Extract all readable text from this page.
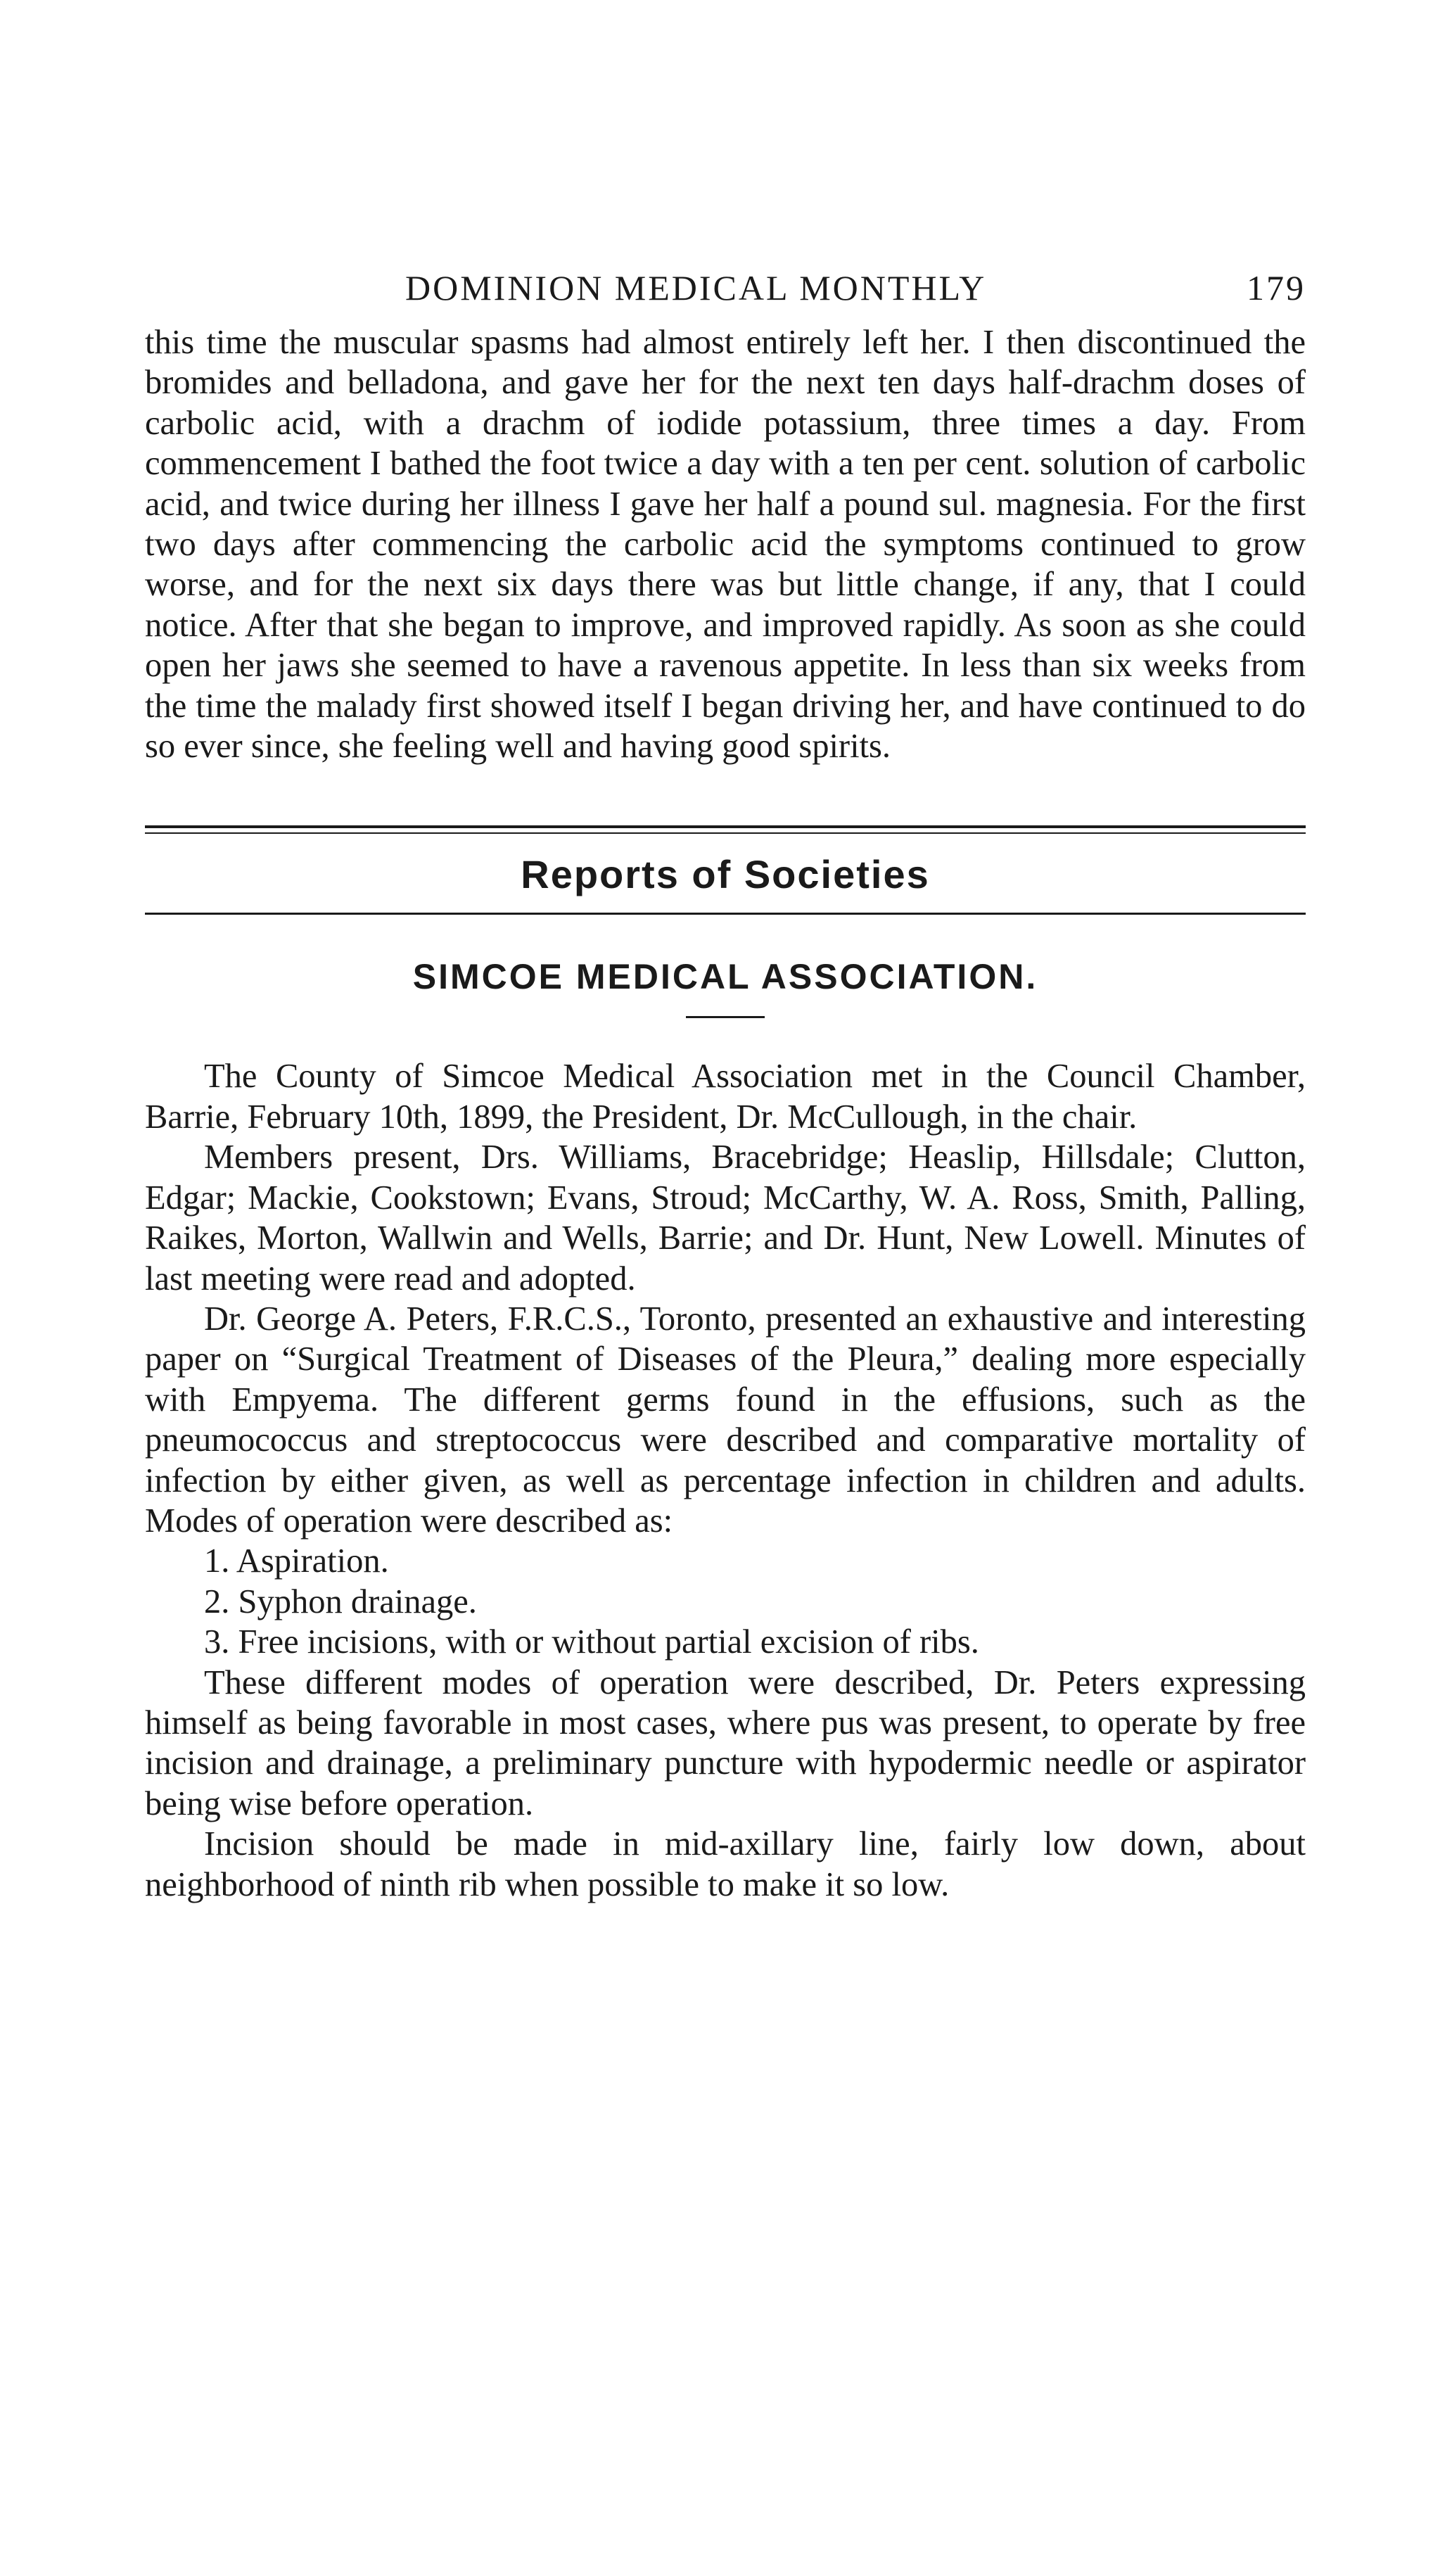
DOMINION MEDICAL MONTHLY	179

this time the muscular spasms had almost entirely left her. I then discontinued the bromides and belladona, and gave her for the next ten days half-drachm doses of carbolic acid, with a drachm of iodide potassium, three times a day. From commencement I bathed the foot twice a day with a ten per cent. solution of carbolic acid, and twice during her illness I gave her half a pound sul. magnesia. For the first two days after commencing the carbolic acid the symptoms continued to grow worse, and for the next six days there was but little change, if any, that I could notice. After that she began to improve, and improved rapidly. As soon as she could open her jaws she seemed to have a ravenous appetite. In less than six weeks from the time the malady first showed itself I began driving her, and have continued to do so ever since, she feeling well and having good spirits.

Reports of Societies
SIMCOE MEDICAL ASSOCIATION.

The County of Simcoe Medical Association met in the Council Chamber, Barrie, February 10th, 1899, the President, Dr. McCullough, in the chair.

Members present, Drs. Williams, Bracebridge; Heaslip, Hillsdale; Clutton, Edgar; Mackie, Cookstown; Evans, Stroud; McCarthy, W. A. Ross, Smith, Palling, Raikes, Morton, Wallwin and Wells, Barrie; and Dr. Hunt, New Lowell. Minutes of last meeting were read and adopted.

Dr. George A. Peters, F.R.C.S., Toronto, presented an exhaustive and interesting paper on “Surgical Treatment of Diseases of the Pleura,” dealing more especially with Empyema. The different germs found in the effusions, such as the pneumococcus and streptococcus were described and comparative mortality of infection by either given, as well as percentage infection in children and adults. Modes of operation were described as:

1. Aspiration.

2. Syphon drainage.

3. Free incisions, with or without partial excision of ribs.

These different modes of operation were described, Dr. Peters expressing himself as being favorable in most cases, where pus was present, to operate by free incision and drainage, a preliminary puncture with hypodermic needle or aspirator being wise before operation.

Incision should be made in mid-axillary line, fairly low down, about neighborhood of ninth rib when possible to make it so low.
